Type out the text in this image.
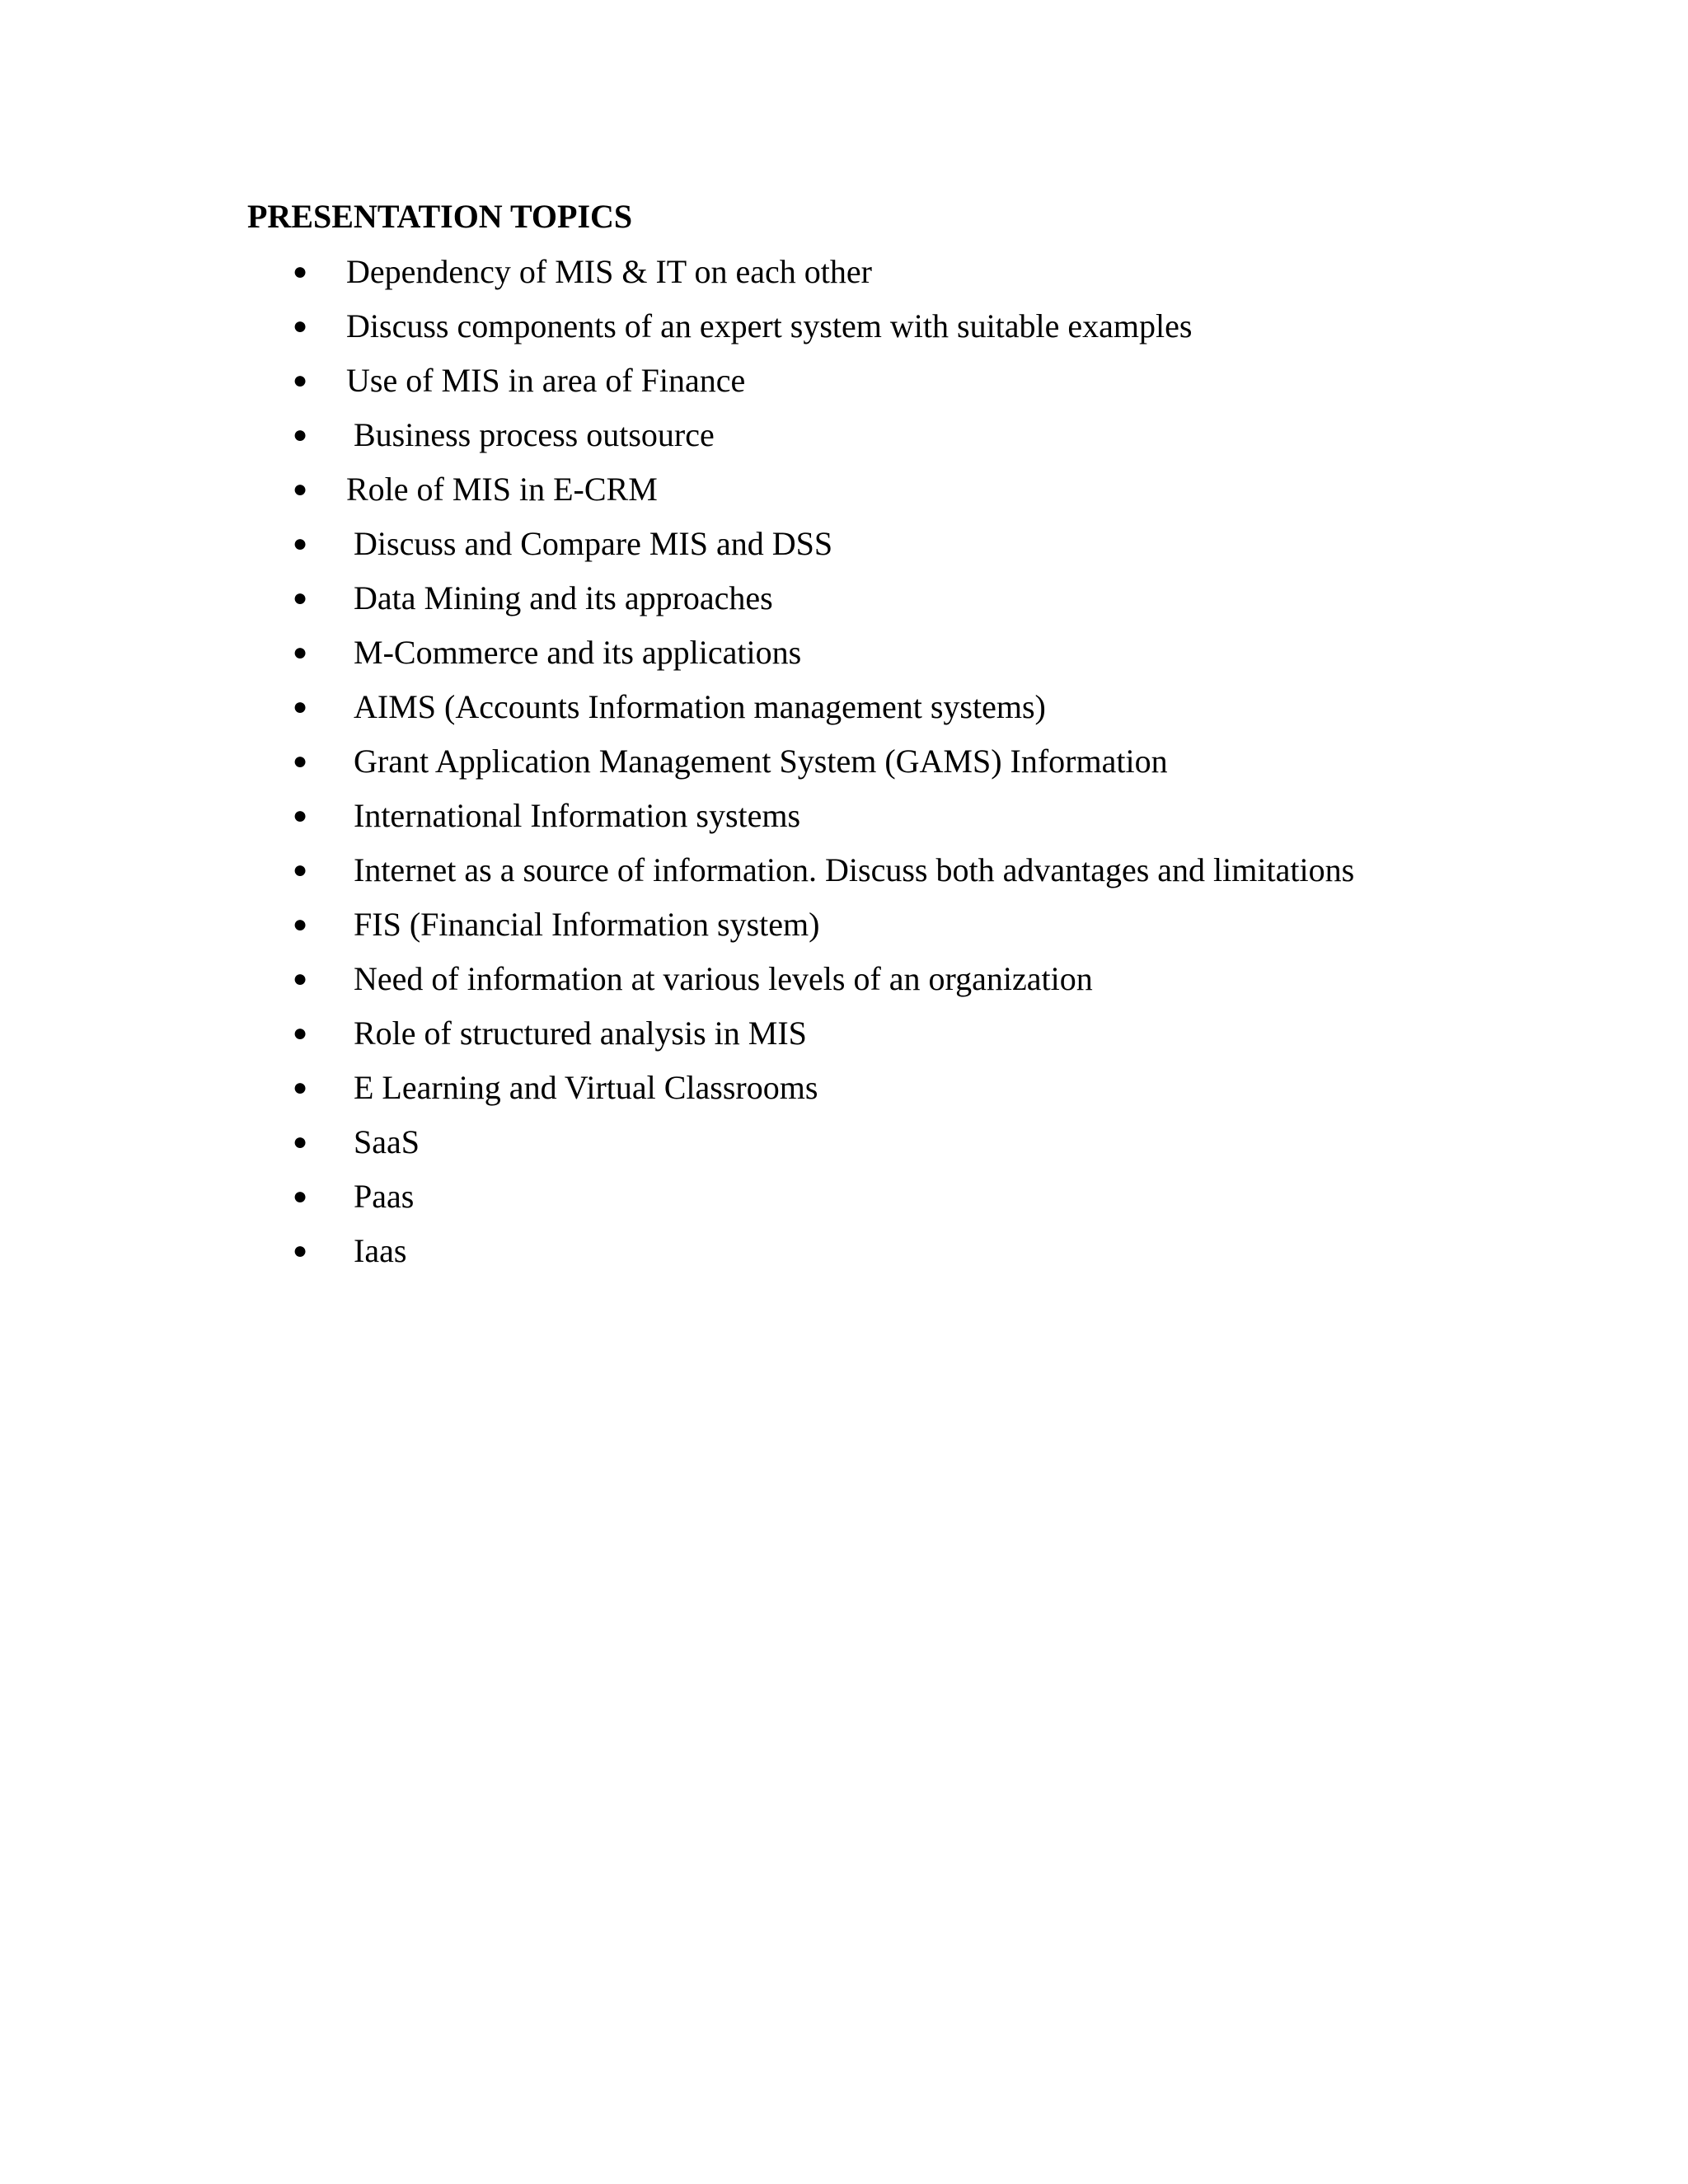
PRESENTATION TOPICS
● Dependency of MIS & IT on each other
● Discuss components of an expert system with suitable examples
● Use of MIS in area of Finance
● Business process outsource
● Role of MIS in E-CRM
● Discuss and Compare MIS and DSS
● Data Mining and its approaches
● M-Commerce and its applications
● AIMS (Accounts Information management systems)
● Grant Application Management System (GAMS) Information
● International Information systems
● Internet as a source of information. Discuss both advantages and limitations
● FIS (Financial Information system)
● Need of information at various levels of an organization
● Role of structured analysis in MIS
● E Learning and Virtual Classrooms
● SaaS
● Paas
● Iaas
